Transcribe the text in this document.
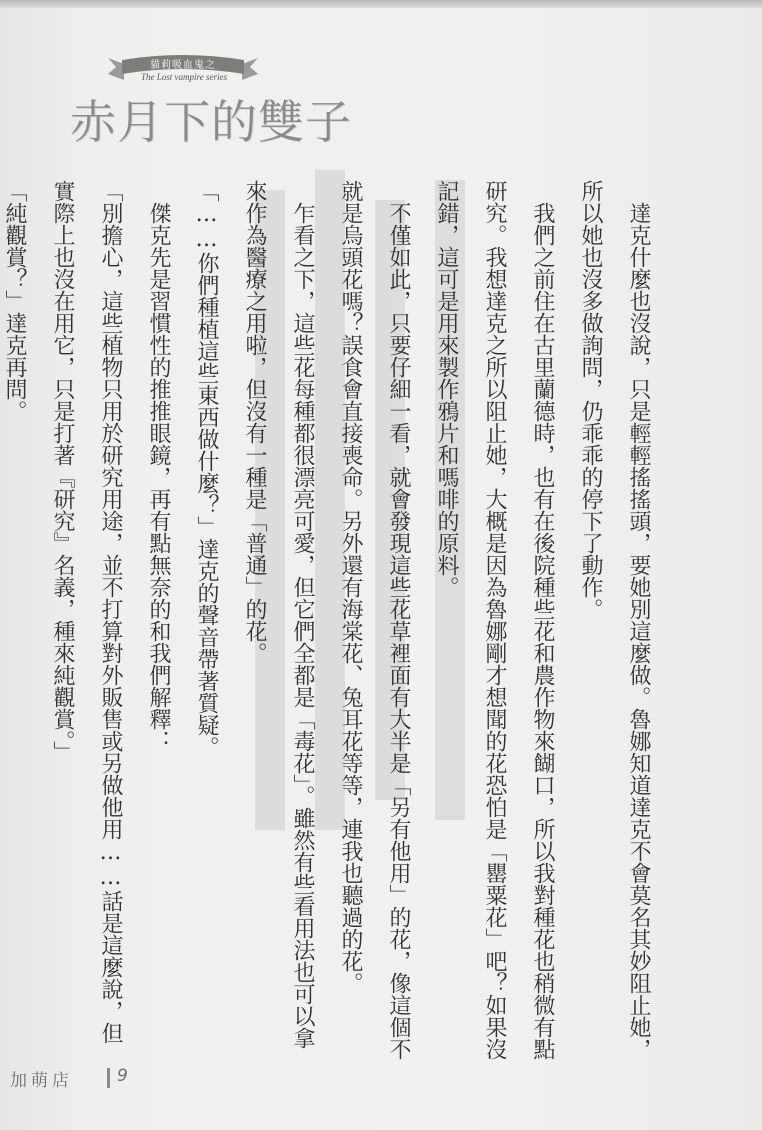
貓莉吸血鬼之
The Lost vampire series
赤月下的雙子

達克什麼也沒說，只是輕輕搖搖頭，要她別這麼做。魯娜知道達克不會莫名其妙阻止她，所以她也沒多做詢問，仍乖乖的停下了動作。

我們之前住在古里蘭德時，也有在後院種些花和農作物來餬口，所以我對種花也稍微有點研究。我想達克之所以阻止她，大概是因為魯娜剛才想聞的花恐怕是「罌粟花」吧？如果沒記錯，這可是用來製作鴉片和嗎啡的原料。

不僅如此，只要仔細一看，就會發現這些花草裡面有大半是「另有他用」的花，像這個不就是烏頭花嗎？誤食會直接喪命。另外還有海棠花、兔耳花等等，連我也聽過的花。

乍看之下，這些花每種都很漂亮可愛，但它們全都是「毒花」。雖然有些看用法也可以拿來作為醫療之用啦，但沒有一種是「普通」的花。

「……你們種植這些東西做什麼？」達克的聲音帶著質疑。

傑克先是習慣性的推推眼鏡，再有點無奈的和我們解釋：

「別擔心，這些植物只用於研究用途，並不打算對外販售或另做他用……話是這麼說，但實際上也沒在用它，只是打著『研究』名義，種來純觀賞。」

「純觀賞？」達克再問。

加萌店	9
